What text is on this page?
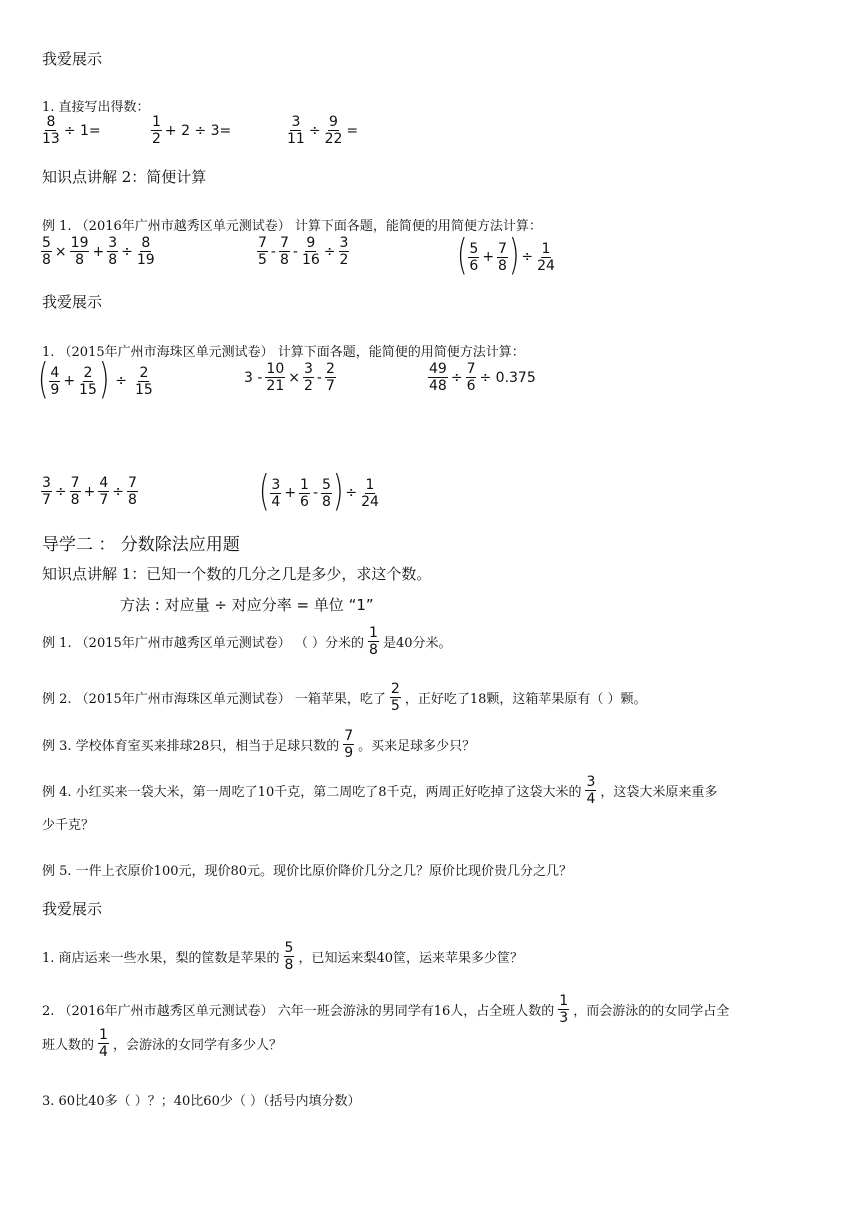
我爱展示
1. 直接写出得数：
$\frac{8}{13} \div 1=$
1
2
+ 2 ÷ 3=	$\frac{3}{11} \div \frac{9}{22}$ =
知识点讲解 2：简便计算
例 1. （2016年广州市越秀区单元测试卷） 计算下面各题，能简便的用简便方法计算：
$\frac{5}{8} \times \frac{19}{8} + \frac{3}{8} \div \frac{8}{19}$	7
5
-
7
8
- $\frac{9}{16} \div \frac{3}{2}$	( 5
6
+ $\frac{7}{8}$ ) ÷ $\frac{1}{24}$
我爱展示
1. （2015年广州市海珠区单元测试卷） 计算下面各题，能简便的用简便方法计算：
( 4
9
+ $\frac{2}{15}$ ) ÷ $\frac{2}{15}$	$3 - \frac{10}{21} \times \frac{3}{2}$ -
2
7	$\frac{49}{48} \div \frac{7}{6} \div 0.375$
$\frac{3}{7} \div \frac{7}{8} + \frac{4}{7} \div \frac{7}{8}$	( 3
4
+ $\frac{1}{6}$ -
5
8 ) ÷ $\frac{1}{24}$
导学二 ： 分数除法应用题
知识点讲解 1：已知一个数的几分之几是多少，求这个数。
方法 : 对应量 ÷ 对应分率 = 单位 “1”
例 1. （2015年广州市越秀区单元测试卷） （ ）分米的
1
8 是40分米。
例 2. （2015年广州市海珠区单元测试卷） 一箱苹果，吃了
2
5 ，正好吃了18颗，这箱苹果原有（ ）颗。
例 3. 学校体育室买来排球28只，相当于足球只数的
7
9 。买来足球多少只？
例 4. 小红买来一袋大米，第一周吃了10千克，第二周吃了8千克，两周正好吃掉了这袋大米的
3
4 ，这袋大米原来重多
少千克？
例 5. 一件上衣原价100元，现价80元。现价比原价降价几分之几？原价比现价贵几分之几？
我爱展示
1. 商店运来一些水果，梨的筐数是苹果的
5
8 ，已知运来梨40筐，运来苹果多少筐？
2. （2016年广州市越秀区单元测试卷） 六年一班会游泳的男同学有16人，占全班人数的
1
3 ，而会游泳的的女同学占全
班人数的
1
4 ，会游泳的女同学有多少人？
3. 60比40多（ ）？；40比60少（ ）（括号内填分数）
